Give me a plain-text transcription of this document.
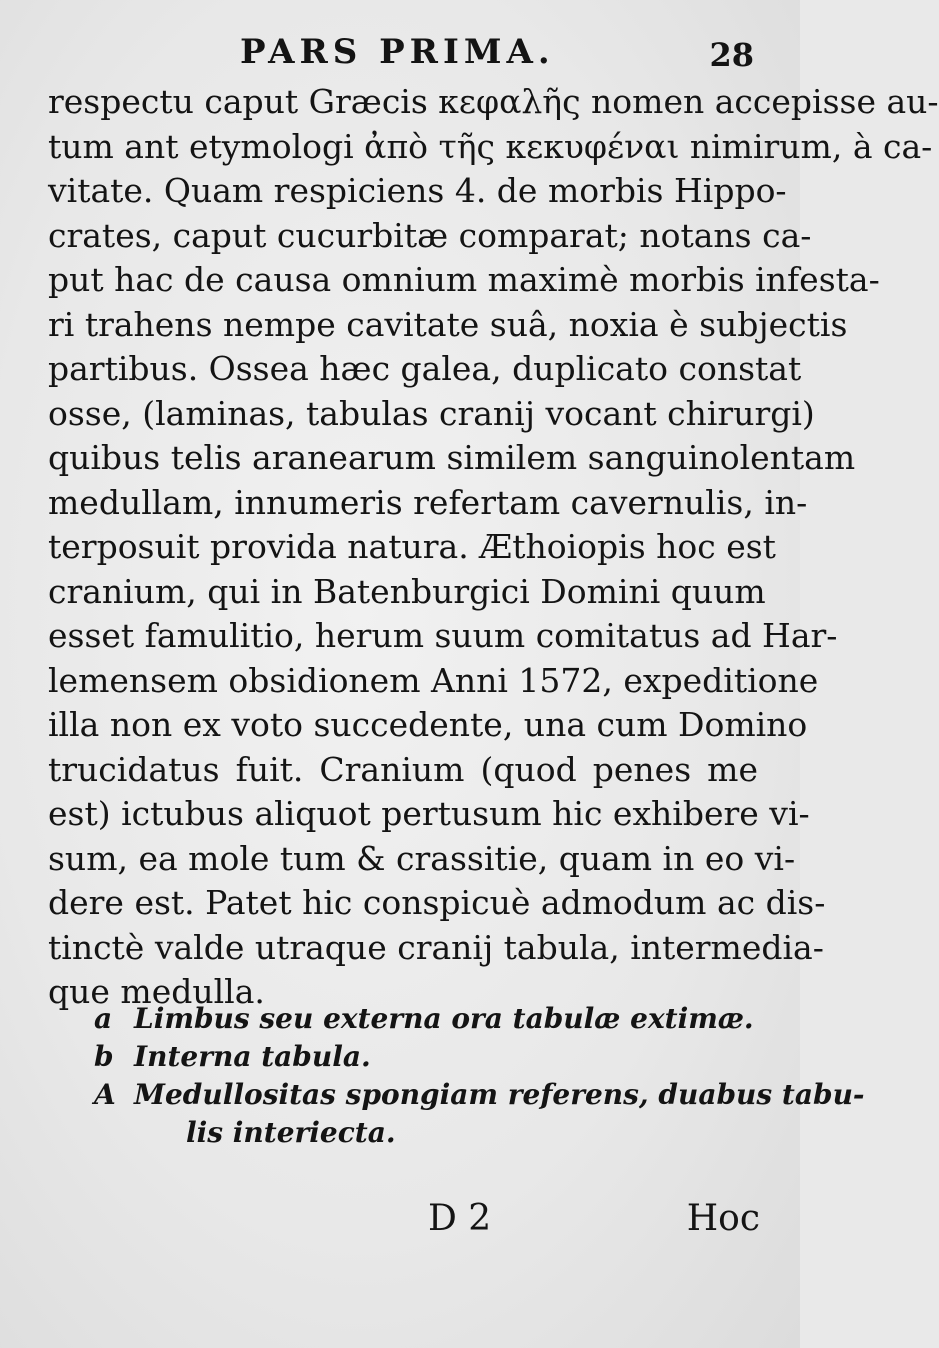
PARS PRIMA.	28
respectu caput Græcis κεφαλῆς nomen accepisse au-
tum ant etymologi ἀπὸ τῆς κεκυφέναι nimirum, à ca-
vitate. Quam respiciens 4. de morbis Hippo-
crates, caput cucurbitæ comparat; notans ca-
put hac de causa omnium maximè morbis infesta-
ri trahens nempe cavitate suâ, noxia è subjectis
partibus. Ossea hæc galea, duplicato constat
osse, (laminas, tabulas cranij vocant chirurgi)
quibus telis aranearum similem sanguinolentam
medullam, innumeris refertam cavernulis, in-
terposuit provida natura. Æthoiopis hoc est
cranium, qui in Batenburgici Domini quum
esset famulitio, herum suum comitatus ad Har-
lemensem obsidionem Anni 1572, expeditione
illa non ex voto succedente, una cum Domino
trucidatus fuit. Cranium (quod penes me
est) ictubus aliquot pertusum hic exhibere vi-
sum, ea mole tum & crassitie, quam in eo vi-
dere est. Patet hic conspicuè admodum ac dis-
tinctè valde utraque cranij tabula, intermedia-
que medulla.
a Limbus seu externa ora tabulæ extimæ.
b Interna tabula.
A Medullositas spongiam referens, duabus tabu-
lis interiecta.
D 2	Hoc
